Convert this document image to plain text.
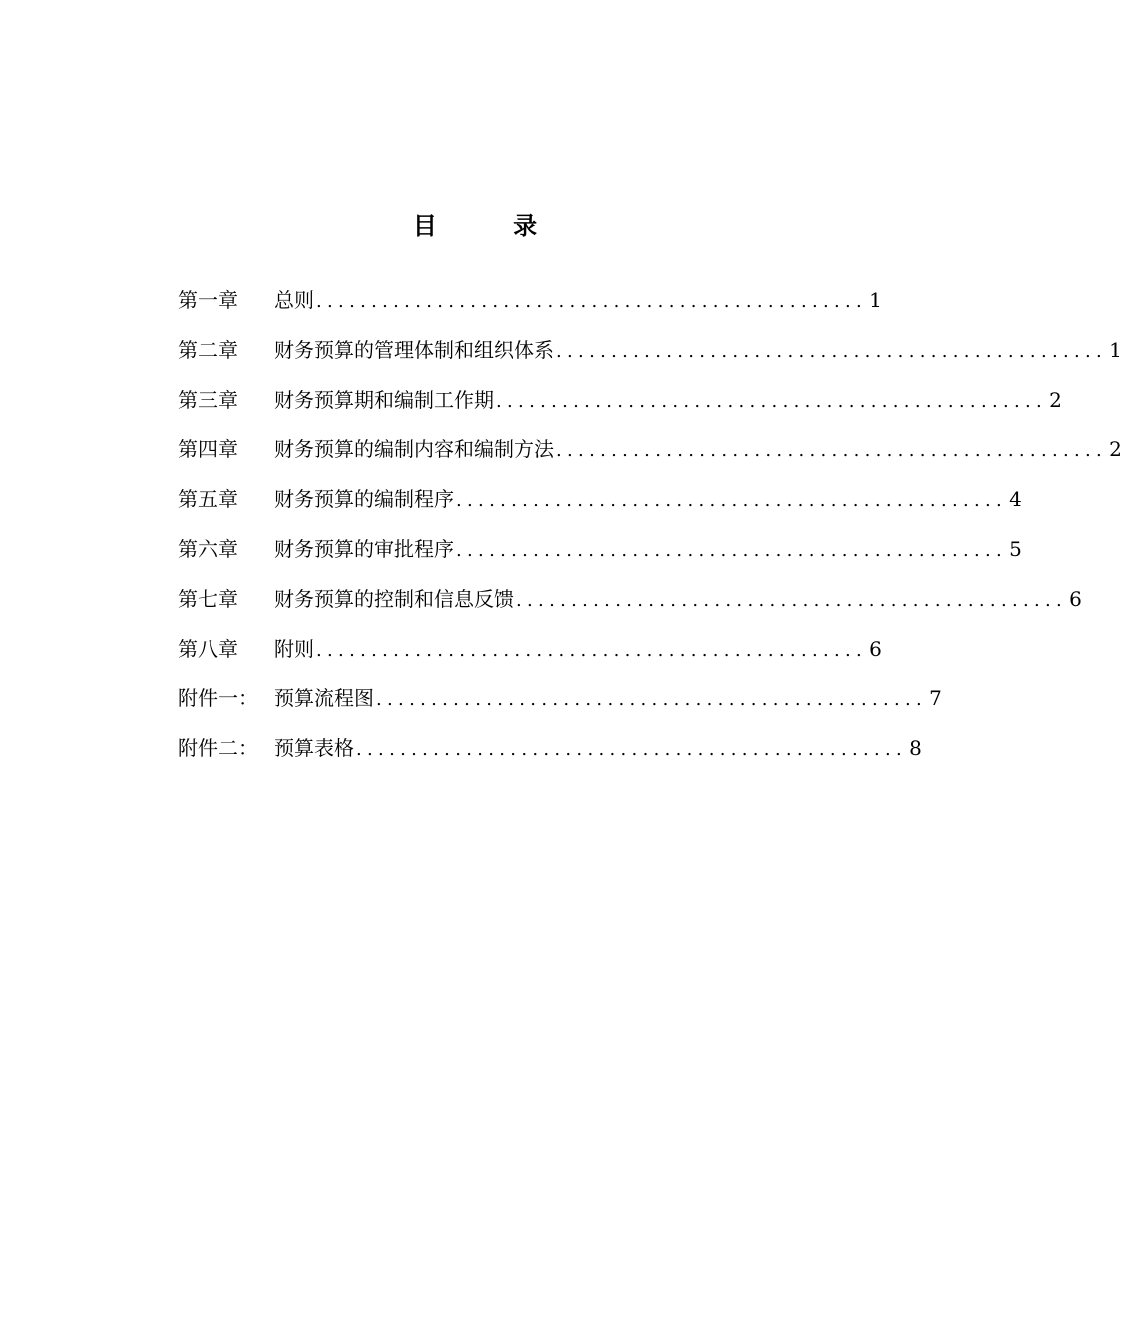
目 录
第一章	总则 .................................................. 1
第二章	财务预算的管理体制和组织体系 .................................................. 1
第三章	财务预算期和编制工作期 .................................................. 2
第四章	财务预算的编制内容和编制方法 .................................................. 2
第五章	财务预算的编制程序 .................................................. 4
第六章	财务预算的审批程序 .................................................. 5
第七章	财务预算的控制和信息反馈 .................................................. 6
第八章	附则 .................................................. 6
附件一： 预算流程图 .................................................. 7
附件二： 预算表格 .................................................. 8
